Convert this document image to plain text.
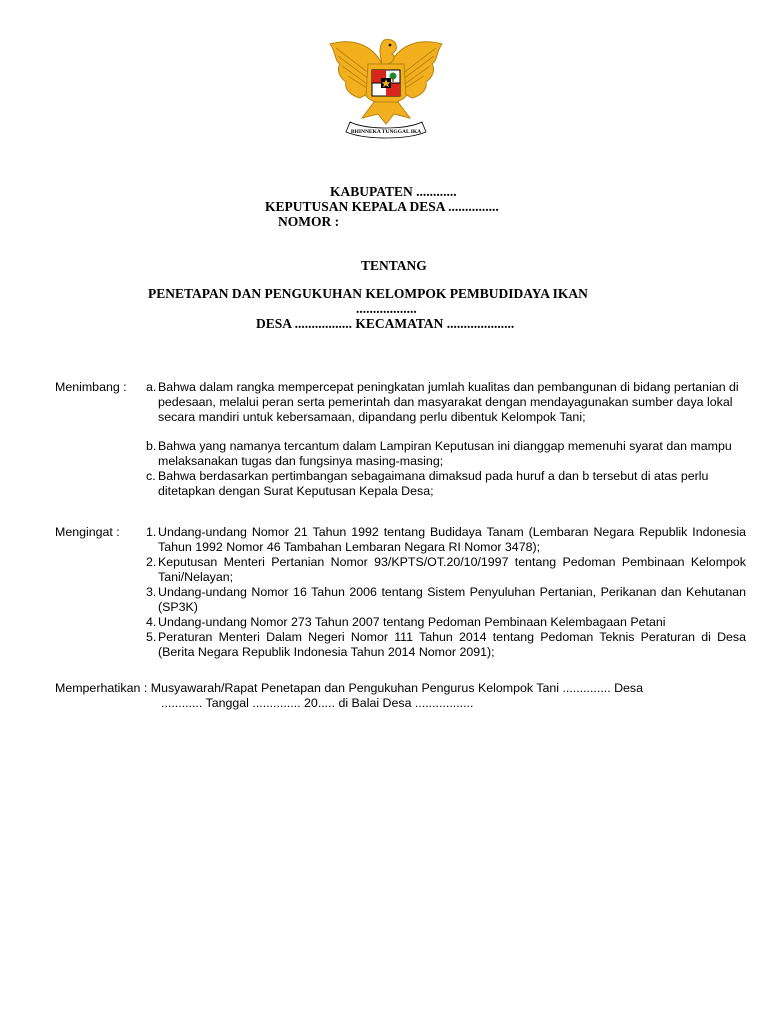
BHINNEKA TUNGGAL IKA
KABUPATEN ............
KEPUTUSAN KEPALA DESA ...............
NOMOR :
TENTANG
PENETAPAN DAN PENGUKUHAN KELOMPOK PEMBUDIDAYA IKAN
..................
DESA ................. KECAMATAN ....................
Menimbang : a. Bahwa dalam rangka mempercepat peningkatan jumlah kualitas dan pembangunan di bidang pertanian di pedesaan, melalui peran serta pemerintah dan masyarakat dengan mendayagunakan sumber daya lokal secara mandiri untuk kebersamaan, dipandang perlu dibentuk Kelompok Tani;
b. Bahwa yang namanya tercantum dalam Lampiran Keputusan ini dianggap memenuhi syarat dan mampu melaksanakan tugas dan fungsinya masing-masing;
c. Bahwa berdasarkan pertimbangan sebagaimana dimaksud pada huruf a dan b tersebut di atas perlu ditetapkan dengan Surat Keputusan Kepala Desa;
Mengingat : 1. Undang-undang Nomor 21 Tahun 1992 tentang Budidaya Tanam (Lembaran Negara Republik Indonesia Tahun 1992 Nomor 46 Tambahan Lembaran Negara RI Nomor 3478);
2. Keputusan Menteri Pertanian Nomor 93/KPTS/OT.20/10/1997 tentang Pedoman Pembinaan Kelompok Tani/Nelayan;
3. Undang-undang Nomor 16 Tahun 2006 tentang Sistem Penyuluhan Pertanian, Perikanan dan Kehutanan (SP3K)
4. Undang-undang Nomor 273 Tahun 2007 tentang Pedoman Pembinaan Kelembagaan Petani
5. Peraturan Menteri Dalam Negeri Nomor 111 Tahun 2014 tentang Pedoman Teknis Peraturan di Desa (Berita Negara Republik Indonesia Tahun 2014 Nomor 2091);
Memperhatikan : Musyawarah/Rapat Penetapan dan Pengukuhan Pengurus Kelompok Tani .............. Desa
............ Tanggal .............. 20..... di Balai Desa .................
